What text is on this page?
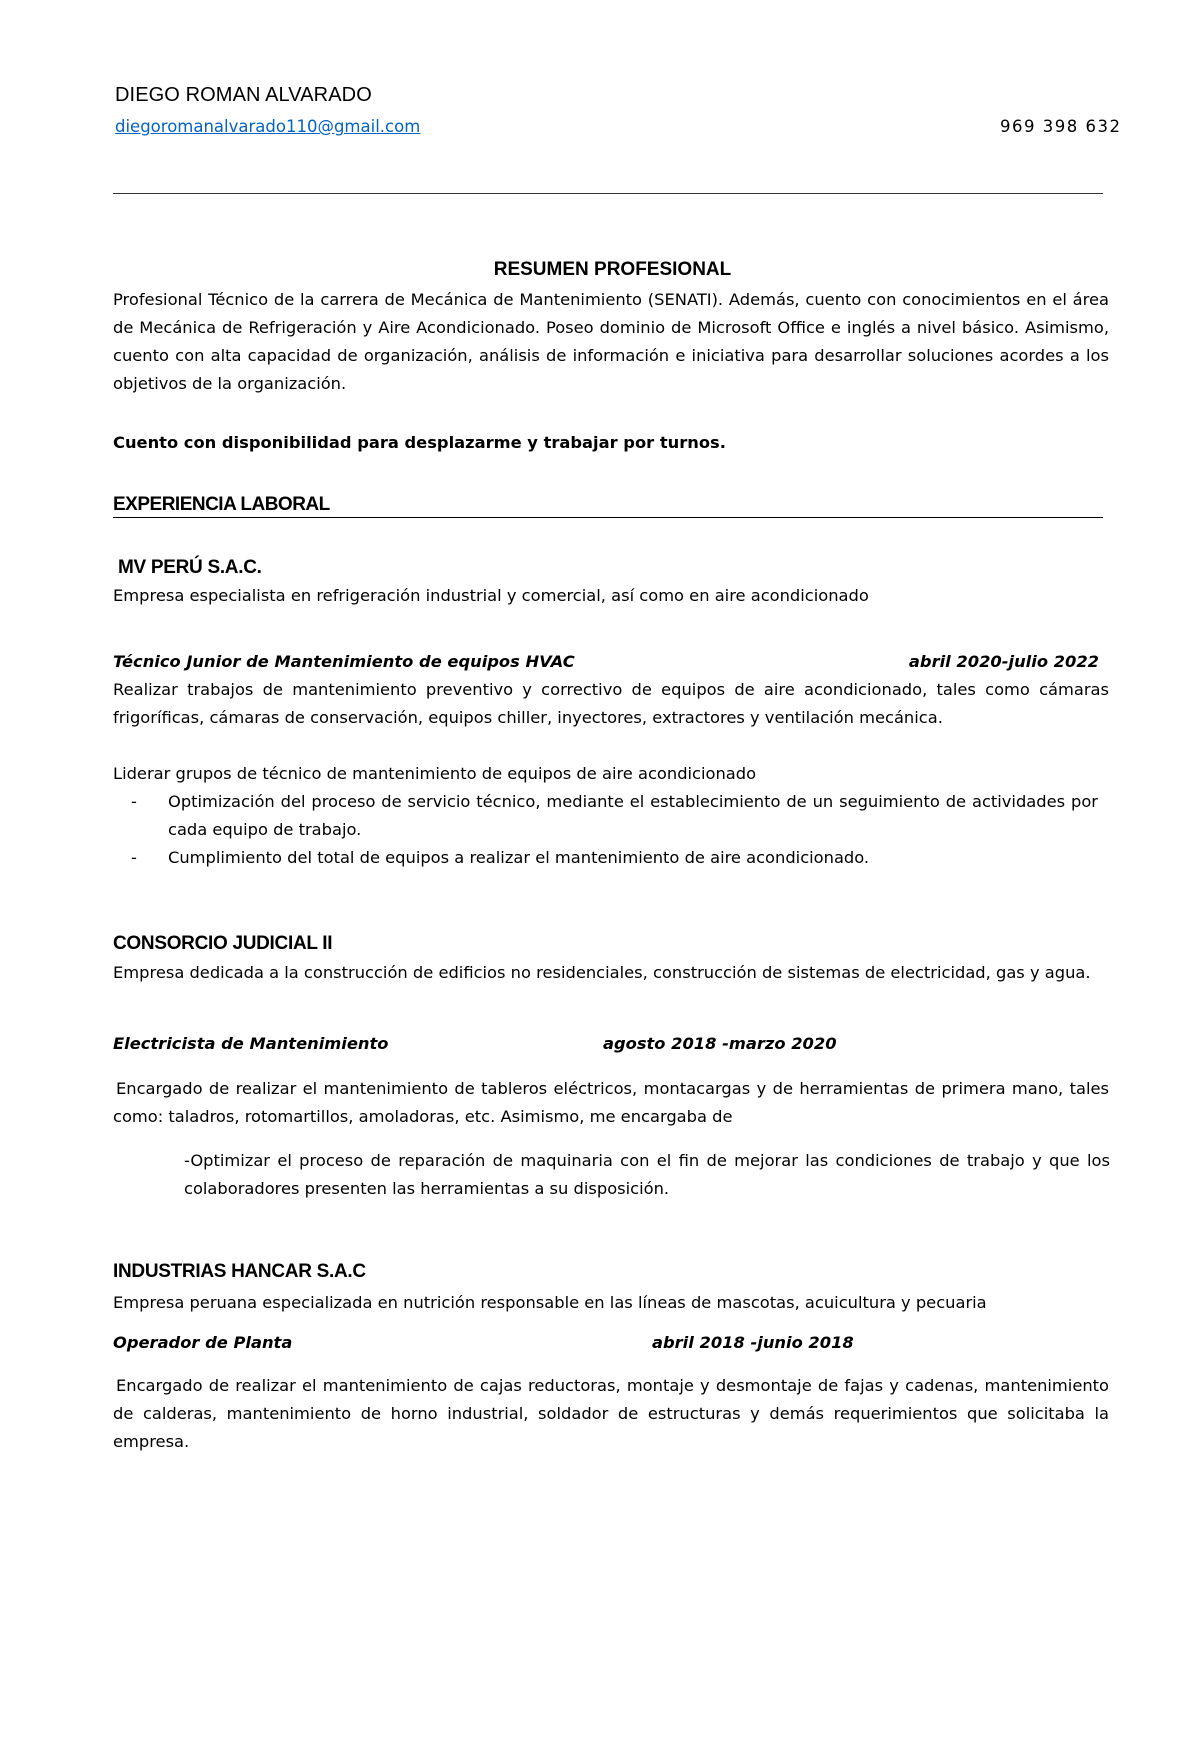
DIEGO ROMAN ALVARADO
diegoromanalvarado110@gmail.com	969 398 632
RESUMEN PROFESIONAL
Profesional Técnico de la carrera de Mecánica de Mantenimiento (SENATI). Además, cuento con conocimientos en el área de Mecánica de Refrigeración y Aire Acondicionado. Poseo dominio de Microsoft Office e inglés a nivel básico. Asimismo, cuento con alta capacidad de organización, análisis de información e iniciativa para desarrollar soluciones acordes a los objetivos de la organización.
Cuento con disponibilidad para desplazarme y trabajar por turnos.
EXPERIENCIA LABORAL
MV PERÚ S.A.C.
Empresa especialista en refrigeración industrial y comercial, así como en aire acondicionado
Técnico Junior de Mantenimiento de equipos HVAC	abril 2020-julio 2022
Realizar trabajos de mantenimiento preventivo y correctivo de equipos de aire acondicionado, tales como cámaras frigoríficas, cámaras de conservación, equipos chiller, inyectores, extractores y ventilación mecánica.
Liderar grupos de técnico de mantenimiento de equipos de aire acondicionado
- Optimización del proceso de servicio técnico, mediante el establecimiento de un seguimiento de actividades por cada equipo de trabajo.
- Cumplimiento del total de equipos a realizar el mantenimiento de aire acondicionado.
CONSORCIO JUDICIAL II
Empresa dedicada a la construcción de edificios no residenciales, construcción de sistemas de electricidad, gas y agua.
Electricista de Mantenimiento	agosto 2018 -marzo 2020
Encargado de realizar el mantenimiento de tableros eléctricos, montacargas y de herramientas de primera mano, tales como: taladros, rotomartillos, amoladoras, etc. Asimismo, me encargaba de
-Optimizar el proceso de reparación de maquinaria con el fin de mejorar las condiciones de trabajo y que los colaboradores presenten las herramientas a su disposición.
INDUSTRIAS HANCAR S.A.C
Empresa peruana especializada en nutrición responsable en las líneas de mascotas, acuicultura y pecuaria
Operador de Planta	abril 2018 -junio 2018
Encargado de realizar el mantenimiento de cajas reductoras, montaje y desmontaje de fajas y cadenas, mantenimiento de calderas, mantenimiento de horno industrial, soldador de estructuras y demás requerimientos que solicitaba la empresa.
